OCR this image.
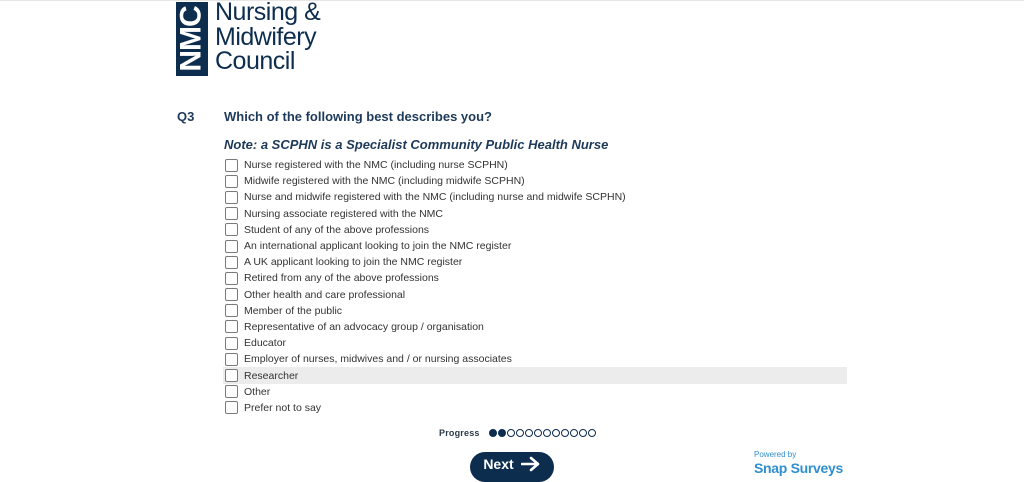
NMC Nursing &
Midwifery
Council
Q3 Which of the following best describes you?
Note: a SCPHN is a Specialist Community Public Health Nurse
Nurse registered with the NMC (including nurse SCPHN)
Midwife registered with the NMC (including midwife SCPHN)
Nurse and midwife registered with the NMC (including nurse and midwife SCPHN)
Nursing associate registered with the NMC
Student of any of the above professions
An international applicant looking to join the NMC register
A UK applicant looking to join the NMC register
Retired from any of the above professions
Other health and care professional
Member of the public
Representative of an advocacy group / organisation
Educator
Employer of nurses, midwives and / or nursing associates
Researcher
Other
Prefer not to say
Progress
Next
Powered by
Snap Surveys
